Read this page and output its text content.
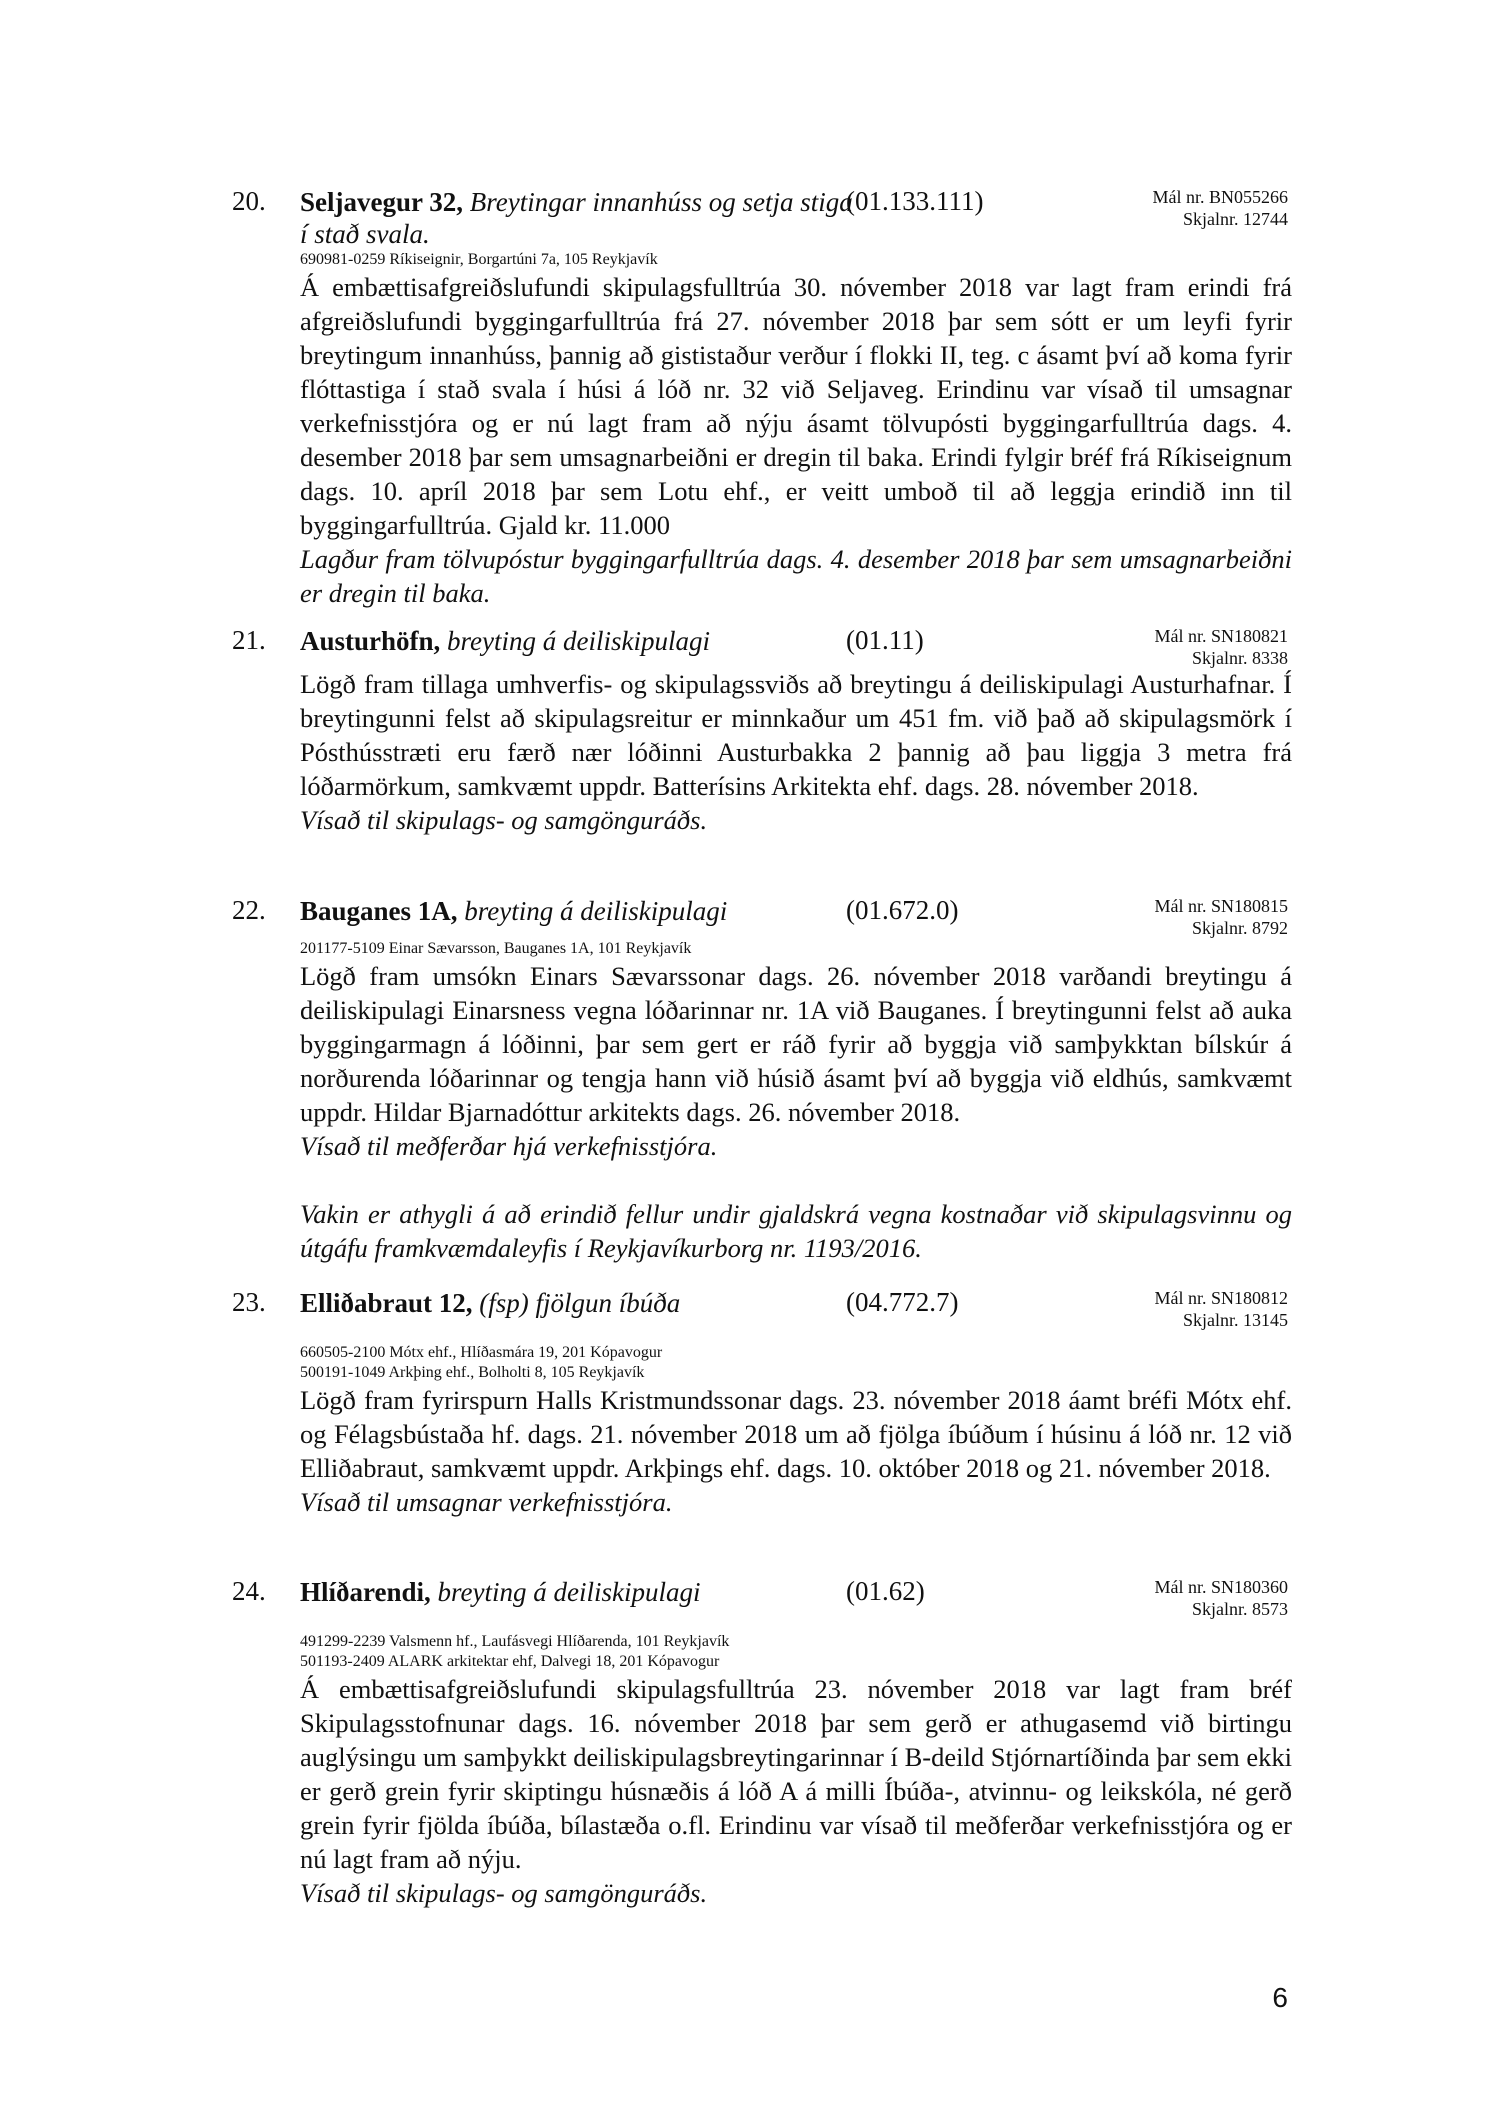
20. Seljavegur 32, Breytingar innanhúss og setja stiga í stað svala.
(01.133.111)	Mál nr. BN055266
Skjalnr. 12744
690981-0259 Ríkiseignir, Borgartúni 7a, 105 Reykjavík
Á embættisafgreiðslufundi skipulagsfulltrúa 30. nóvember 2018 var lagt fram erindi frá afgreiðslufundi byggingarfulltrúa frá 27. nóvember 2018 þar sem sótt er um leyfi fyrir breytingum innanhúss, þannig að gististaður verður í flokki II, teg. c ásamt því að koma fyrir flóttastiga í stað svala í húsi á lóð nr. 32 við Seljaveg. Erindinu var vísað til umsagnar verkefnisstjóra og er nú lagt fram að nýju ásamt tölvupósti byggingarfulltrúa dags. 4. desember 2018 þar sem umsagnarbeiðni er dregin til baka. Erindi fylgir bréf frá Ríkiseignum dags. 10. apríl 2018 þar sem Lotu ehf., er veitt umboð til að leggja erindið inn til byggingarfulltrúa. Gjald kr. 11.000
Lagður fram tölvupóstur byggingarfulltrúa dags. 4. desember 2018 þar sem umsagnarbeiðni er dregin til baka.
21. Austurhöfn, breyting á deiliskipulagi	(01.11)	Mál nr. SN180821
Skjalnr. 8338
Lögð fram tillaga umhverfis- og skipulagssviðs að breytingu á deiliskipulagi Austurhafnar. Í breytingunni felst að skipulagsreitur er minnkaður um 451 fm. við það að skipulagsmörk í Pósthússtræti eru færð nær lóðinni Austurbakka 2 þannig að þau liggja 3 metra frá lóðarmörkum, samkvæmt uppdr. Batterísins Arkitekta ehf. dags. 28. nóvember 2018.
Vísað til skipulags- og samgönguráðs.
22. Bauganes 1A, breyting á deiliskipulagi	(01.672.0)	Mál nr. SN180815
Skjalnr. 8792
201177-5109 Einar Sævarsson, Bauganes 1A, 101 Reykjavík
Lögð fram umsókn Einars Sævarssonar dags. 26. nóvember 2018 varðandi breytingu á deiliskipulagi Einarsness vegna lóðarinnar nr. 1A við Bauganes. Í breytingunni felst að auka byggingarmagn á lóðinni, þar sem gert er ráð fyrir að byggja við samþykktan bílskúr á norðurenda lóðarinnar og tengja hann við húsið ásamt því að byggja við eldhús, samkvæmt uppdr. Hildar Bjarnadóttur arkitekts dags. 26. nóvember 2018.
Vísað til meðferðar hjá verkefnisstjóra.
Vakin er athygli á að erindið fellur undir gjaldskrá vegna kostnaðar við skipulagsvinnu og útgáfu framkvæmdaleyfis í Reykjavíkurborg nr. 1193/2016.
23. Elliðabraut 12, (fsp) fjölgun íbúða	(04.772.7)	Mál nr. SN180812
Skjalnr. 13145
660505-2100 Mótx ehf., Hlíðasmára 19, 201 Kópavogur
500191-1049 Arkþing ehf., Bolholti 8, 105 Reykjavík
Lögð fram fyrirspurn Halls Kristmundssonar dags. 23. nóvember 2018 áamt bréfi Mótx ehf. og Félagsbústaða hf. dags. 21. nóvember 2018 um að fjölga íbúðum í húsinu á lóð nr. 12 við Elliðabraut, samkvæmt uppdr. Arkþings ehf. dags. 10. október 2018 og 21. nóvember 2018.
Vísað til umsagnar verkefnisstjóra.
24. Hlíðarendi, breyting á deiliskipulagi	(01.62)	Mál nr. SN180360
Skjalnr. 8573
491299-2239 Valsmenn hf., Laufásvegi Hlíðarenda, 101 Reykjavík
501193-2409 ALARK arkitektar ehf, Dalvegi 18, 201 Kópavogur
Á embættisafgreiðslufundi skipulagsfulltrúa 23. nóvember 2018 var lagt fram bréf Skipulagsstofnunar dags. 16. nóvember 2018 þar sem gerð er athugasemd við birtingu auglýsingu um samþykkt deiliskipulagsbreytingarinnar í B-deild Stjórnartíðinda þar sem ekki er gerð grein fyrir skiptingu húsnæðis á lóð A á milli Íbúða-, atvinnu- og leikskóla, né gerð grein fyrir fjölda íbúða, bílastæða o.fl. Erindinu var vísað til meðferðar verkefnisstjóra og er nú lagt fram að nýju.
Vísað til skipulags- og samgönguráðs.
6
